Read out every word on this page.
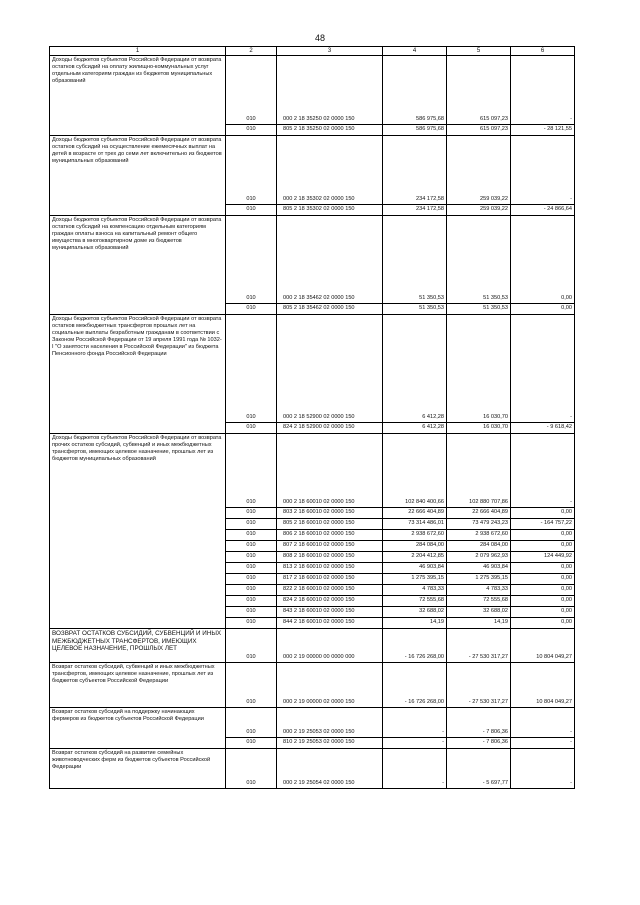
48
1	2	3	4	5	6

Доходы бюджетов субъектов Российской Федерации от возврата остатков субсидий на оплату жилищно-коммунальных услуг отдельным категориям граждан из бюджетов муниципальных образований	010	000 2 18 35250 02 0000 150	586 975,68	615 097,23	-
	010	805 2 18 35250 02 0000 150	586 975,68	615 097,23	- 28 121,55

Доходы бюджетов субъектов Российской Федерации от возврата остатков субсидий на осуществление ежемесячных выплат на детей в возрасте от трех до семи лет включительно из бюджетов муниципальных образований	010	000 2 18 35302 02 0000 150	234 172,58	259 039,22	-
	010	805 2 18 35302 02 0000 150	234 172,58	259 039,22	- 24 866,64

Доходы бюджетов субъектов Российской Федерации от возврата остатков субсидий на компенсацию отдельным категориям граждан оплаты взноса на капитальный ремонт общего имущества в многоквартирном доме из бюджетов муниципальных образований	010	000 2 18 35462 02 0000 150	51 350,53	51 350,53	0,00
	010	805 2 18 35462 02 0000 150	51 350,53	51 350,53	0,00

Доходы бюджетов субъектов Российской Федерации от возврата остатков межбюджетных трансфертов прошлых лет на социальные выплаты безработным гражданам в соответствии с Законом Российской Федерации от 19 апреля 1991 года № 1032-I "О занятости населения в Российской Федерации" из бюджета Пенсионного фонда Российской Федерации	010	000 2 18 52900 02 0000 150	6 412,28	16 030,70	-
	010	824 2 18 52900 02 0000 150	6 412,28	16 030,70	- 9 618,42

Доходы бюджетов субъектов Российской Федерации от возврата прочих остатков субсидий, субвенций и иных межбюджетных трансфертов, имеющих целевое назначение, прошлых лет из бюджетов муниципальных образований	010	000 2 18 60010 02 0000 150	102 840 400,66	102 880 707,86	-
	010	803 2 18 60010 02 0000 150	22 666 404,89	22 666 404,89	0,00
	010	805 2 18 60010 02 0000 150	73 314 486,01	73 479 243,23	- 164 757,22
	010	806 2 18 60010 02 0000 150	2 938 672,60	2 938 672,60	0,00
	010	807 2 18 60010 02 0000 150	284 084,00	284 084,00	0,00
	010	808 2 18 60010 02 0000 150	2 204 412,85	2 079 962,93	124 449,92
	010	813 2 18 60010 02 0000 150	46 903,84	46 903,84	0,00
	010	817 2 18 60010 02 0000 150	1 275 395,15	1 275 395,15	0,00
	010	822 2 18 60010 02 0000 150	4 783,33	4 783,33	0,00
	010	824 2 18 60010 02 0000 150	72 555,68	72 555,68	0,00
	010	843 2 18 60010 02 0000 150	32 688,02	32 688,02	0,00
	010	844 2 18 60010 02 0000 150	14,19	14,19	0,00

ВОЗВРАТ ОСТАТКОВ СУБСИДИЙ, СУБВЕНЦИЙ И ИНЫХ МЕЖБЮДЖЕТНЫХ ТРАНСФЕРТОВ, ИМЕЮЩИХ ЦЕЛЕВОЕ НАЗНАЧЕНИЕ, ПРОШЛЫХ ЛЕТ	010	000 2 19 00000 00 0000 000	- 16 726 268,00	- 27 530 317,27	10 804 049,27

Возврат остатков субсидий, субвенций и иных межбюджетных трансфертов, имеющих целевое назначение, прошлых лет из бюджетов субъектов Российской Федерации	010	000 2 19 00000 02 0000 150	- 16 726 268,00	- 27 530 317,27	10 804 049,27

Возврат остатков субсидий на поддержку начинающих фермеров из бюджетов субъектов Российской Федерации	010	000 2 19 25053 02 0000 150	-	- 7 806,36	-
	010	810 2 19 25053 02 0000 150	-	- 7 806,36	-

Возврат остатков субсидий на развитие семейных животноводческих ферм из бюджетов субъектов Российской Федерации	010	000 2 19 25054 02 0000 150	-	- 5 697,77	-
